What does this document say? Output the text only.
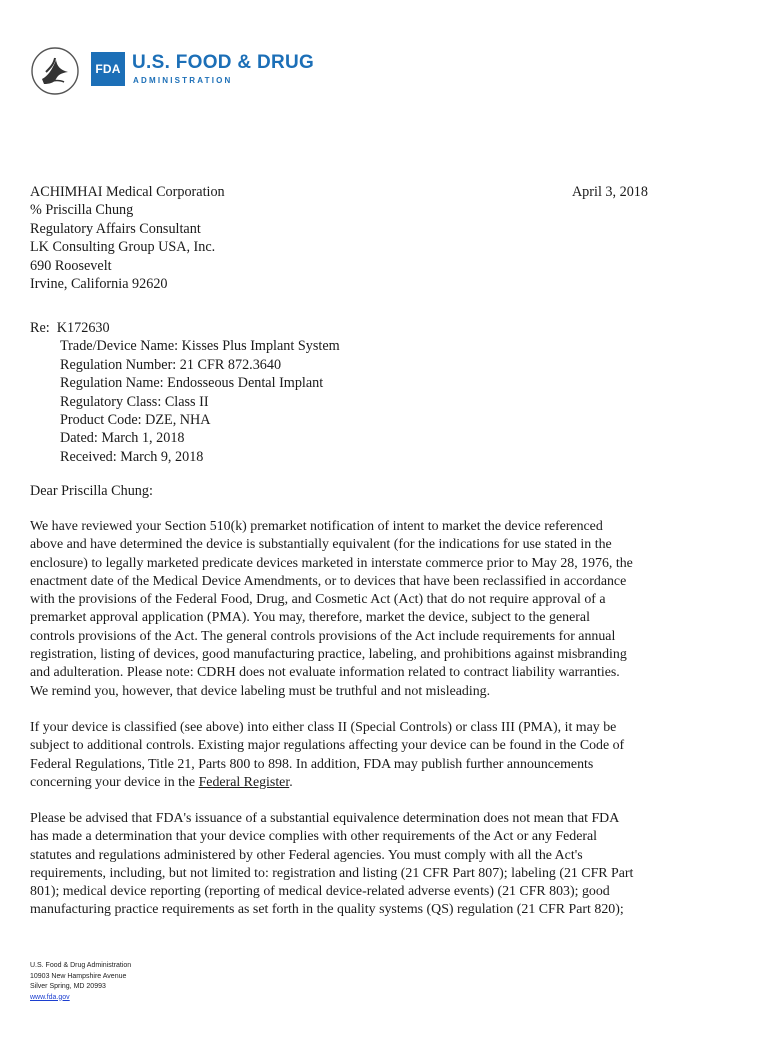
FDA U.S. FOOD & DRUG
ADMINISTRATION
ACHIMHAI Medical Corporation
% Priscilla Chung
Regulatory Affairs Consultant
LK Consulting Group USA, Inc.
690 Roosevelt
Irvine, California 92620
April 3, 2018
Re: K172630
Trade/Device Name: Kisses Plus Implant System
Regulation Number: 21 CFR 872.3640
Regulation Name: Endosseous Dental Implant
Regulatory Class: Class II
Product Code: DZE, NHA
Dated: March 1, 2018
Received: March 9, 2018
Dear Priscilla Chung:
We have reviewed your Section 510(k) premarket notification of intent to market the device referenced
above and have determined the device is substantially equivalent (for the indications for use stated in the
enclosure) to legally marketed predicate devices marketed in interstate commerce prior to May 28, 1976, the
enactment date of the Medical Device Amendments, or to devices that have been reclassified in accordance
with the provisions of the Federal Food, Drug, and Cosmetic Act (Act) that do not require approval of a
premarket approval application (PMA). You may, therefore, market the device, subject to the general
controls provisions of the Act. The general controls provisions of the Act include requirements for annual
registration, listing of devices, good manufacturing practice, labeling, and prohibitions against misbranding
and adulteration. Please note: CDRH does not evaluate information related to contract liability warranties.
We remind you, however, that device labeling must be truthful and not misleading.
If your device is classified (see above) into either class II (Special Controls) or class III (PMA), it may be
subject to additional controls. Existing major regulations affecting your device can be found in the Code of
Federal Regulations, Title 21, Parts 800 to 898. In addition, FDA may publish further announcements
concerning your device in the Federal Register.
Please be advised that FDA's issuance of a substantial equivalence determination does not mean that FDA
has made a determination that your device complies with other requirements of the Act or any Federal
statutes and regulations administered by other Federal agencies. You must comply with all the Act's
requirements, including, but not limited to: registration and listing (21 CFR Part 807); labeling (21 CFR Part
801); medical device reporting (reporting of medical device-related adverse events) (21 CFR 803); good
manufacturing practice requirements as set forth in the quality systems (QS) regulation (21 CFR Part 820);
U.S. Food & Drug Administration
10903 New Hampshire Avenue
Silver Spring, MD 20993
www.fda.gov
